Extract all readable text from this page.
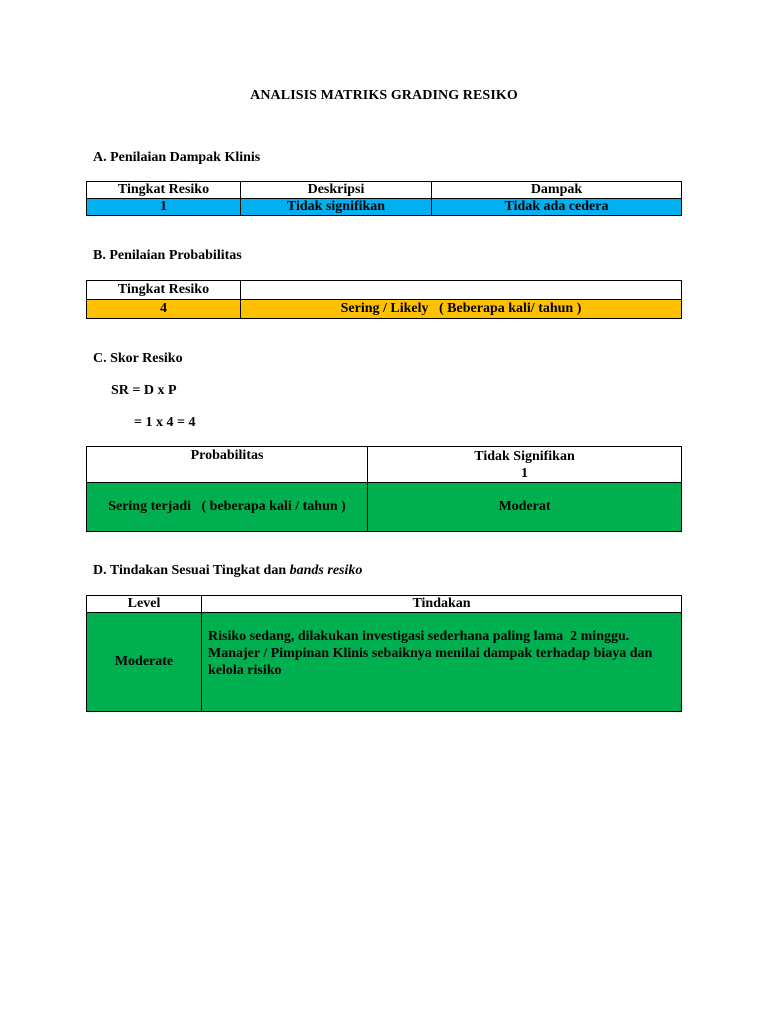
ANALISIS MATRIKS GRADING RESIKO
A. Penilaian Dampak Klinis
Tingkat Resiko	Deskripsi	Dampak
1	Tidak signifikan	Tidak ada cedera
B. Penilaian Probabilitas
Tingkat Resiko	
4	Sering / Likely   ( Beberapa kali/ tahun )
C. Skor Resiko
SR = D x P
= 1 x 4 = 4
Probabilitas	Tidak Signifikan
1

Sering terjadi   ( beberapa kali / tahun )	Moderat
D. Tindakan Sesuai Tingkat dan bands resiko
Level	Tindakan
Moderate	Risiko sedang, dilakukan investigasi sederhana paling lama  2 minggu. Manajer / Pimpinan Klinis sebaiknya menilai dampak terhadap biaya dan kelola risiko
